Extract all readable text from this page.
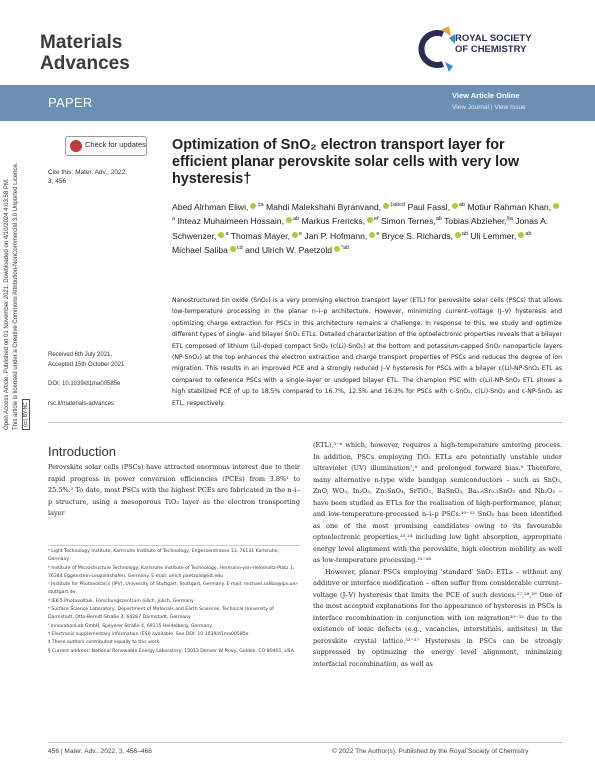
Materials
Advances
ROYAL SOCIETY
OF CHEMISTRY
PAPER	View Article Online
View Journal | View Issue
Open Access Article. Published on 01 November 2021. Downloaded on 4/10/2024 4:03:58 PM. This article is licensed under a Creative Commons Attribution-NonCommercial 3.0 Unported Licence. (cc) BY-NC
Check for updates
Cite this: Mater. Adv., 2022,
3, 456
Optimization of SnO₂ electron transport layer for efficient planar perovskite solar cells with very low hysteresis†
Abed Alrhman Eliwi, $^{\ddagger a}$ Mahdi Malekshahi Byranvand, $^{\ddagger abcd}$ Paul Fassl, $^{ab}$ Motiur Rahman Khan,$^a$ Ihteaz Muhaimeen Hossain, $^{ab}$ Markus Frericks, $^{ef}$ Simon Ternes,$^{ab}$ Tobias Abzieher,$^{\S a}$ Jonas A. Schwenzer, $^a$ Thomas Mayer, $^e$ Jan P. Hofmann, $^e$ Bryce S. Richards, $^{ab}$ Uli Lemmer, $^{ab}$ Michael Saliba $^{cd}$ and Ulrich W. Paetzold $^{*ab}$
Nanostructured tin oxide (SnO₂) is a very promising electron transport layer (ETL) for perovskite solar cells (PSCs) that allows low-temperature processing in the planar n–i–p architecture. However, minimizing current–voltage (J–V) hysteresis and optimizing charge extraction for PSCs in this architecture remains a challenge. In response to this, we study and optimize different types of single- and bilayer SnO₂ ETLs. Detailed characterization of the optoelectronic properties reveals that a bilayer ETL composed of lithium (Li)-doped compact SnO₂ (c(Li)-SnO₂) at the bottom and potassium-capped SnO₂ nanoparticle layers (NP-SnO₂) at the top enhances the electron extraction and charge transport properties of PSCs and reduces the degree of ion migration. This results in an improved PCE and a strongly reduced J–V hysteresis for PSCs with a bilayer c(Li)-NP-SnO₂ ETL as compared to reference PSCs with a single-layer or undoped bilayer ETL. The champion PSC with c(Li)-NP-SnO₂ ETL shows a high stabilized PCE of up to 18.5% compared to 16.7%, 12.5% and 16.3% for PSCs with c-SnO₂, c(Li)-SnO₂ and c-NP-SnO₂ as ETL, respectively.
Received 6th July 2021,
Accepted 15th October 2021
DOI: 10.1039/d1ma00585e
rsc.li/materials-advances
Introduction
Perovskite solar cells (PSCs) have attracted enormous interest due to their rapid progress in power conversion efficiencies (PCEs) from 3.8%¹ to 25.5%.² To date, most PSCs with the highest PCEs are fabricated in the n–i–p structure, using a mesoporous TiO₂ layer as the electron transporting layer

(ETL),³⁻⁶ which, however, requires a high-temperature sintering process. In addition, PSCs employing TiO₂ ETLs are potentially unstable under ultraviolet (UV) illumination⁷,⁸ and prolonged forward bias.⁹ Therefore, many alternative n-type wide bandgap semiconductors – such as SnO₂, ZnO, WO₃, In₂O₃, Zn₂SnO₄, SrTiO₃, BaSnO₃, Ba₀.₈Sr₀.₂SnO₃ and Nb₂O₅ – have been studied as ETLs for the realisation of high-performance, planar, and low-temperature-processed n–i–p PSCs.¹⁰⁻²² SnO₂ has been identified as one of the most promising candidates owing to its favourable optoelectronic properties,²³,²⁴ including low light absorption, appropriate energy level alignment with the perovskite, high electron mobility as well as low-temperature processing.²³⁻²⁶

However, planar PSCs employing 'standard' SnO₂ ETLs – without any additive or interface modification – often suffer from considerable current–voltage (J–V) hysteresis that limits the PCE of such devices.²⁷,²⁸,²⁹ One of the most accepted explanations for the appearance of hysteresis in PSCs is interface recombination in conjunction with ion migration³⁰⁻³² due to the existence of ionic defects (e.g., vacancies, interstitials, antisites) in the perovskite crystal lattice.³³⁻³⁷ Hysteresis in PSCs can be strongly suppressed by optimizing the energy level alignment, minimizing interfacial recombination, as well as

ᵃ Light Technology Institute, Karlsruhe Institute of Technology, Engesserstrasse 13, 76131 Karlsruhe, Germany
ᵇ Institute of Microstructure Technology, Karlsruhe Institute of Technology, Hermann-von-Helmholtz-Platz 1, 76344 Eggenstein-Leopoldshafen, Germany. E-mail: ulrich.paetzold@kit.edu
ᶜ Institute for Photovoltaics (IPV), University of Stuttgart, Stuttgart, Germany. E-mail: michael.saliba@ipv.uni-stuttgart.de
ᵈ IEK-5 Photovoltaik, Forschungszentrum Jülich, Jülich, Germany
ᵉ Surface Science Laboratory, Department of Materials and Earth Sciences, Technical University of Darmstadt, Otto-Berndt-Straße 3, 64287 Darmstadt, Germany
ᶠ InnovationLab GmbH, Speyerer Straße 4, 69115 Heidelberg, Germany
† Electronic supplementary information (ESI) available. See DOI: 10.1039/d1ma00585e
‡ These authors contributed equally to this work.
§ Current address: National Renewable Energy Laboratory, 15013 Denver W Pkwy, Golden, CO 80401, USA.
456 | Mater. Adv., 2022, 3, 456–466	© 2022 The Author(s). Published by the Royal Society of Chemistry
